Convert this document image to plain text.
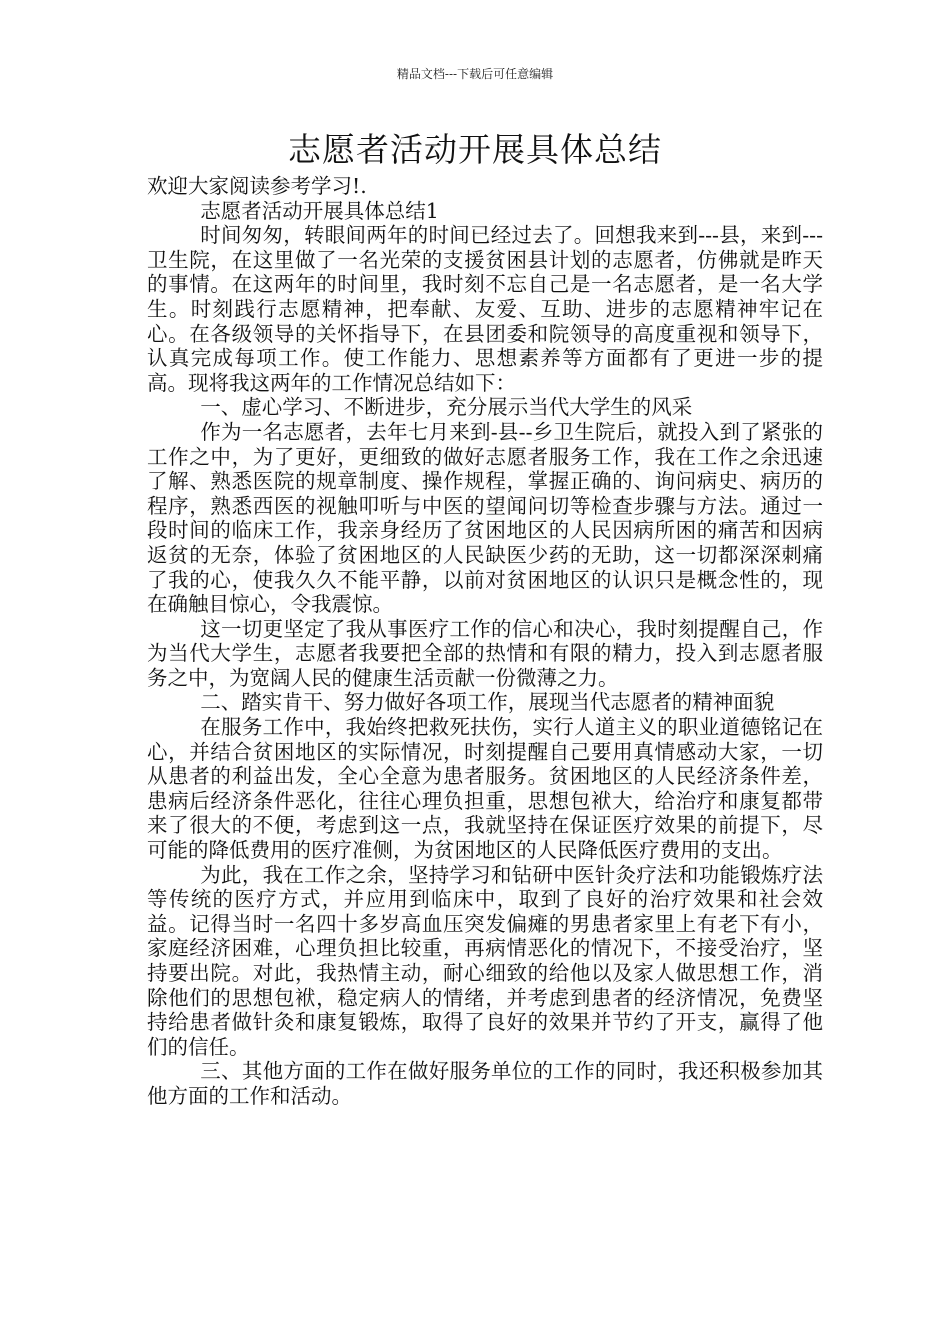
精品文档---下载后可任意编辑
志愿者活动开展具体总结

欢迎大家阅读参考学习!.

志愿者活动开展具体总结1

时间匆匆，转眼间两年的时间已经过去了。回想我来到---县，来到---卫生院，在这里做了一名光荣的支援贫困县计划的志愿者，仿佛就是昨天的事情。在这两年的时间里，我时刻不忘自己是一名志愿者，是一名大学生。时刻践行志愿精神，把奉献、友爱、互助、进步的志愿精神牢记在心。在各级领导的关怀指导下，在县团委和院领导的高度重视和领导下，认真完成每项工作。使工作能力、思想素养等方面都有了更进一步的提高。现将我这两年的工作情况总结如下：

一、虚心学习、不断进步，充分展示当代大学生的风采

作为一名志愿者，去年七月来到-县--乡卫生院后，就投入到了紧张的工作之中，为了更好，更细致的做好志愿者服务工作，我在工作之余迅速了解、熟悉医院的规章制度、操作规程，掌握正确的、询问病史、病历的程序，熟悉西医的视触叩听与中医的望闻问切等检查步骤与方法。通过一段时间的临床工作，我亲身经历了贫困地区的人民因病所困的痛苦和因病返贫的无奈，体验了贫困地区的人民缺医少药的无助，这一切都深深刺痛了我的心，使我久久不能平静，以前对贫困地区的认识只是概念性的，现在确触目惊心，令我震惊。

这一切更坚定了我从事医疗工作的信心和决心，我时刻提醒自己，作为当代大学生，志愿者我要把全部的热情和有限的精力，投入到志愿者服务之中，为宽阔人民的健康生活贡献一份微薄之力。

二、踏实肯干、努力做好各项工作，展现当代志愿者的精神面貌

在服务工作中，我始终把救死扶伤，实行人道主义的职业道德铭记在心，并结合贫困地区的实际情况，时刻提醒自己要用真情感动大家，一切从患者的利益出发，全心全意为患者服务。贫困地区的人民经济条件差，患病后经济条件恶化，往往心理负担重，思想包袱大，给治疗和康复都带来了很大的不便，考虑到这一点，我就坚持在保证医疗效果的前提下，尽可能的降低费用的医疗准侧，为贫困地区的人民降低医疗费用的支出。

为此，我在工作之余，坚持学习和钻研中医针灸疗法和功能锻炼疗法等传统的医疗方式，并应用到临床中，取到了良好的治疗效果和社会效益。记得当时一名四十多岁高血压突发偏瘫的男患者家里上有老下有小，家庭经济困难，心理负担比较重，再病情恶化的情况下，不接受治疗，坚持要出院。对此，我热情主动，耐心细致的给他以及家人做思想工作，消除他们的思想包袱，稳定病人的情绪，并考虑到患者的经济情况，免费坚持给患者做针灸和康复锻炼，取得了良好的效果并节约了开支，赢得了他们的信任。

三、其他方面的工作在做好服务单位的工作的同时，我还积极参加其他方面的工作和活动。
